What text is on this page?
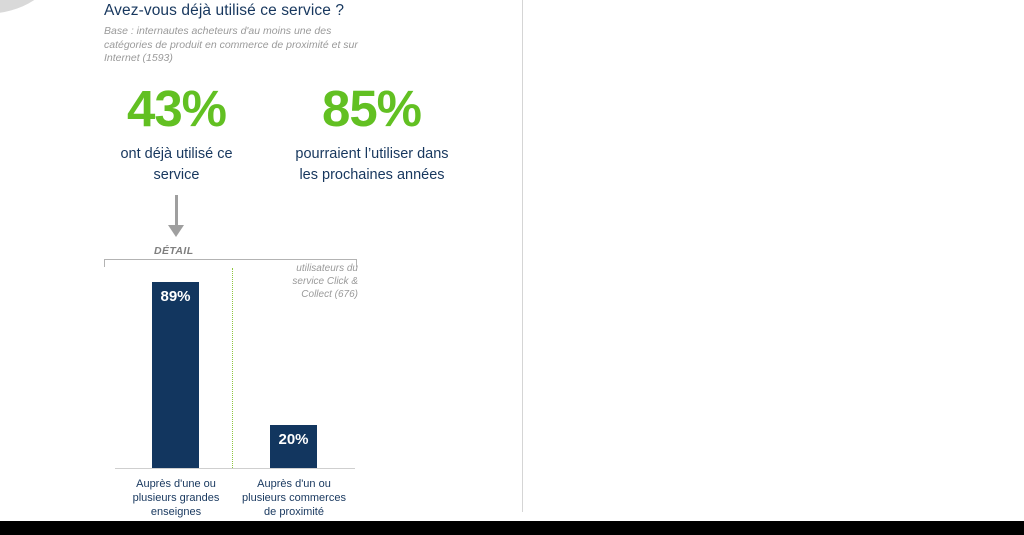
Avez-vous déjà utilisé ce service ?
Base : internautes acheteurs d'au moins une des catégories de produit en commerce de proximité et sur Internet (1593)
43%
ont déjà utilisé ce service
85%
pourraient l’utiliser dans les prochaines années
DÉTAIL
utilisateurs du service Click & Collect (676)
89%
Auprès d'une ou plusieurs grandes enseignes
20%
Auprès d'un ou plusieurs commerces de proximité
